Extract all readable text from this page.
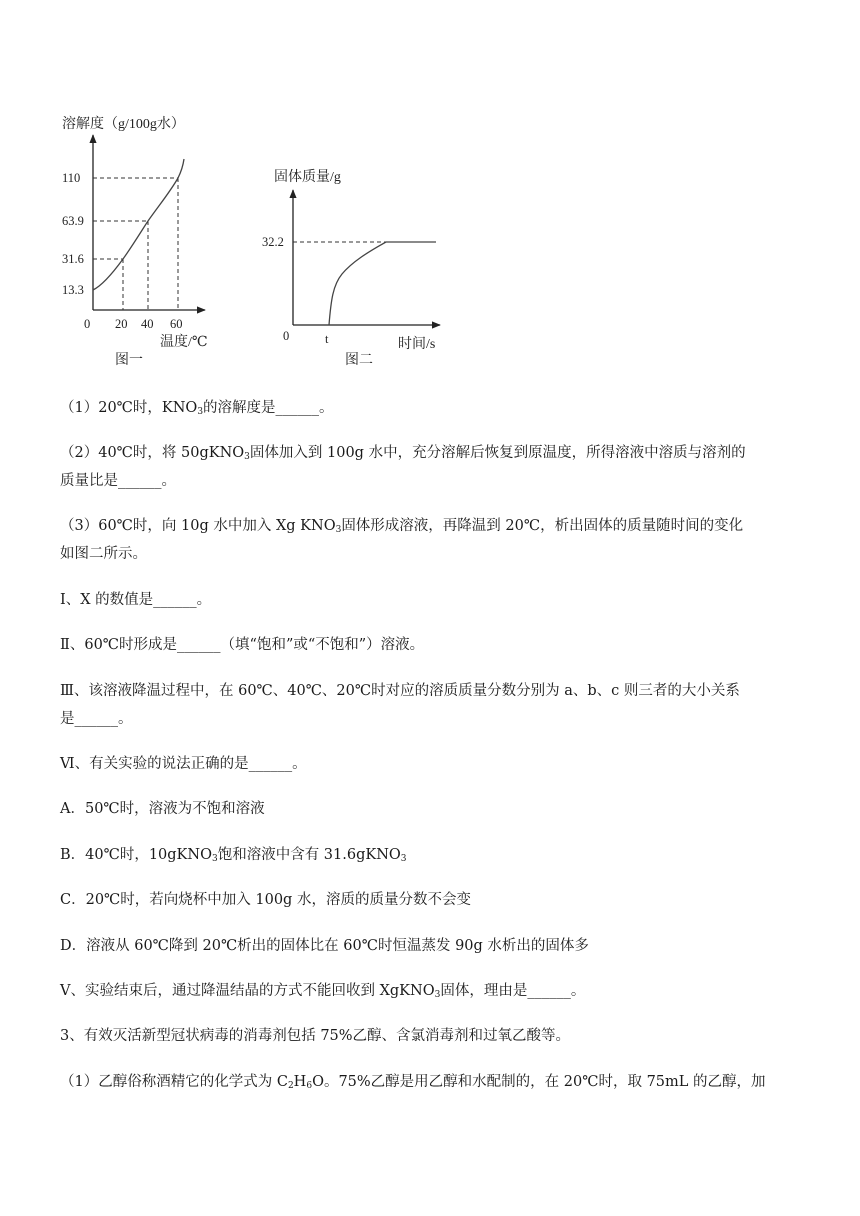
溶解度（g/100g水）
110
63.9
31.6
13.3
0 20 40 60
温度/℃
图一
固体质量/g
32.2
0	t	时间/s
图二
（1）20℃时，$KNO_3$的溶解度是______。
（2）40℃时，将 50gKNO$_3$固体加入到 100g 水中，充分溶解后恢复到原温度，所得溶液中溶质与溶剂的
质量比是______。
（3）60℃时，向 10g 水中加入 Xg $KNO_3$固体形成溶液，再降温到 20℃，析出固体的质量随时间的变化
如图二所示。
Ⅰ、X 的数值是______。
Ⅱ、60℃时形成是______（填“饱和”或“不饱和”）溶液。
Ⅲ、该溶液降温过程中，在 60℃、40℃、20℃时对应的溶质质量分数分别为 a、b、c 则三者的大小关系
是______。
Ⅵ、有关实验的说法正确的是______。
A．50℃时，溶液为不饱和溶液
B．40℃时，10gKNO$_3$饱和溶液中含有 31.6gKNO$_3$
C．20℃时，若向烧杯中加入 100g 水，溶质的质量分数不会变
D．溶液从 60℃降到 20℃析出的固体比在 60℃时恒温蒸发 90g 水析出的固体多
Ⅴ、实验结束后，通过降温结晶的方式不能回收到 XgKNO$_3$固体，理由是______。
3、有效灭活新型冠状病毒的消毒剂包括 75%乙醇、含氯消毒剂和过氧乙酸等。
（1）乙醇俗称酒精它的化学式为 $C_2H_6O$。75%乙醇是用乙醇和水配制的，在 20℃时，取 75mL 的乙醇，加
